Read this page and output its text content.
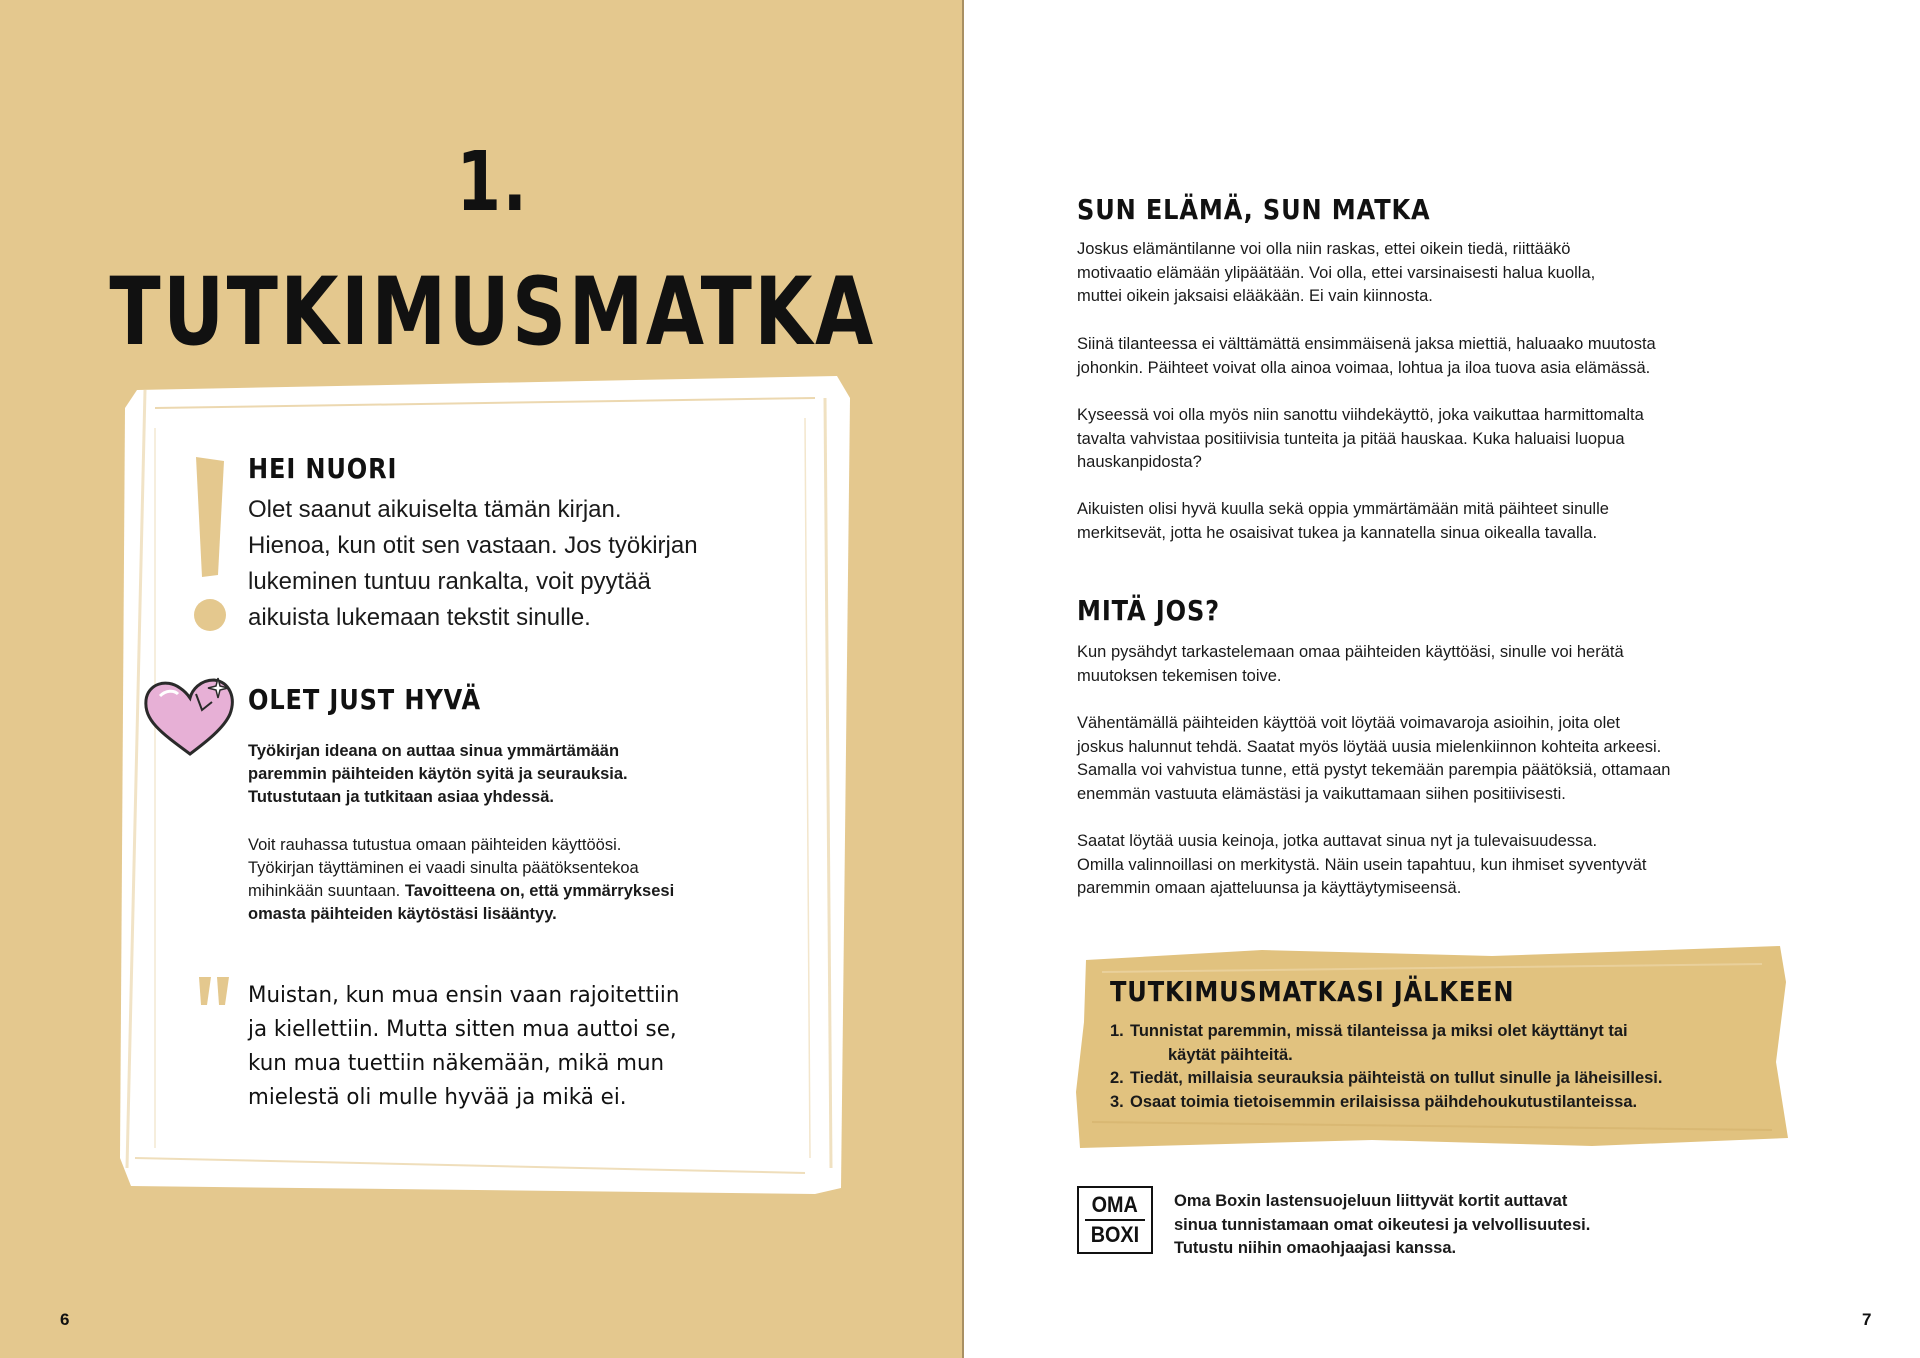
1.
TUTKIMUSMATKA
HEI NUORI
Olet saanut aikuiselta tämän kirjan.
Hienoa, kun otit sen vastaan. Jos työkirjan
lukeminen tuntuu rankalta, voit pyytää
aikuista lukemaan tekstit sinulle.
OLET JUST HYVÄ
Työkirjan ideana on auttaa sinua ymmärtämään
paremmin päihteiden käytön syitä ja seurauksia.
Tutustutaan ja tutkitaan asiaa yhdessä.
Voit rauhassa tutustua omaan päihteiden käyttöösi.
Työkirjan täyttäminen ei vaadi sinulta päätöksentekoa
mihinkään suuntaan. Tavoitteena on, että ymmärryksesi
omasta päihteiden käytöstäsi lisääntyy.
Muistan, kun mua ensin vaan rajoitettiin
ja kiellettiin. Mutta sitten mua auttoi se,
kun mua tuettiin näkemään, mikä mun
mielestä oli mulle hyvää ja mikä ei.
6
SUN ELÄMÄ, SUN MATKA
Joskus elämäntilanne voi olla niin raskas, ettei oikein tiedä, riittääkö
motivaatio elämään ylipäätään. Voi olla, ettei varsinaisesti halua kuolla,
muttei oikein jaksaisi elääkään. Ei vain kiinnosta.
Siinä tilanteessa ei välttämättä ensimmäisenä jaksa miettiä, haluaako muutosta
johonkin. Päihteet voivat olla ainoa voimaa, lohtua ja iloa tuova asia elämässä.
Kyseessä voi olla myös niin sanottu viihdekäyttö, joka vaikuttaa harmittomalta
tavalta vahvistaa positiivisia tunteita ja pitää hauskaa. Kuka haluaisi luopua
hauskanpidosta?
Aikuisten olisi hyvä kuulla sekä oppia ymmärtämään mitä päihteet sinulle
merkitsevät, jotta he osaisivat tukea ja kannatella sinua oikealla tavalla.
MITÄ JOS?
Kun pysähdyt tarkastelemaan omaa päihteiden käyttöäsi, sinulle voi herätä
muutoksen tekemisen toive.
Vähentämällä päihteiden käyttöä voit löytää voimavaroja asioihin, joita olet
joskus halunnut tehdä. Saatat myös löytää uusia mielenkiinnon kohteita arkeesi.
Samalla voi vahvistua tunne, että pystyt tekemään parempia päätöksiä, ottamaan
enemmän vastuuta elämästäsi ja vaikuttamaan siihen positiivisesti.
Saatat löytää uusia keinoja, jotka auttavat sinua nyt ja tulevaisuudessa.
Omilla valinnoillasi on merkitystä. Näin usein tapahtuu, kun ihmiset syventyvät
paremmin omaan ajatteluunsa ja käyttäytymiseensä.
TUTKIMUSMATKASI JÄLKEEN
1. Tunnistat paremmin, missä tilanteissa ja miksi olet käyttänyt tai
käytät päihteitä.
2. Tiedät, millaisia seurauksia päihteistä on tullut sinulle ja läheisillesi.
3. Osaat toimia tietoisemmin erilaisissa päihdehoukutustilanteissa.
OMA
BOXI
Oma Boxin lastensuojeluun liittyvät kortit auttavat
sinua tunnistamaan omat oikeutesi ja velvollisuutesi.
Tutustu niihin omaohjaajasi kanssa.
7
